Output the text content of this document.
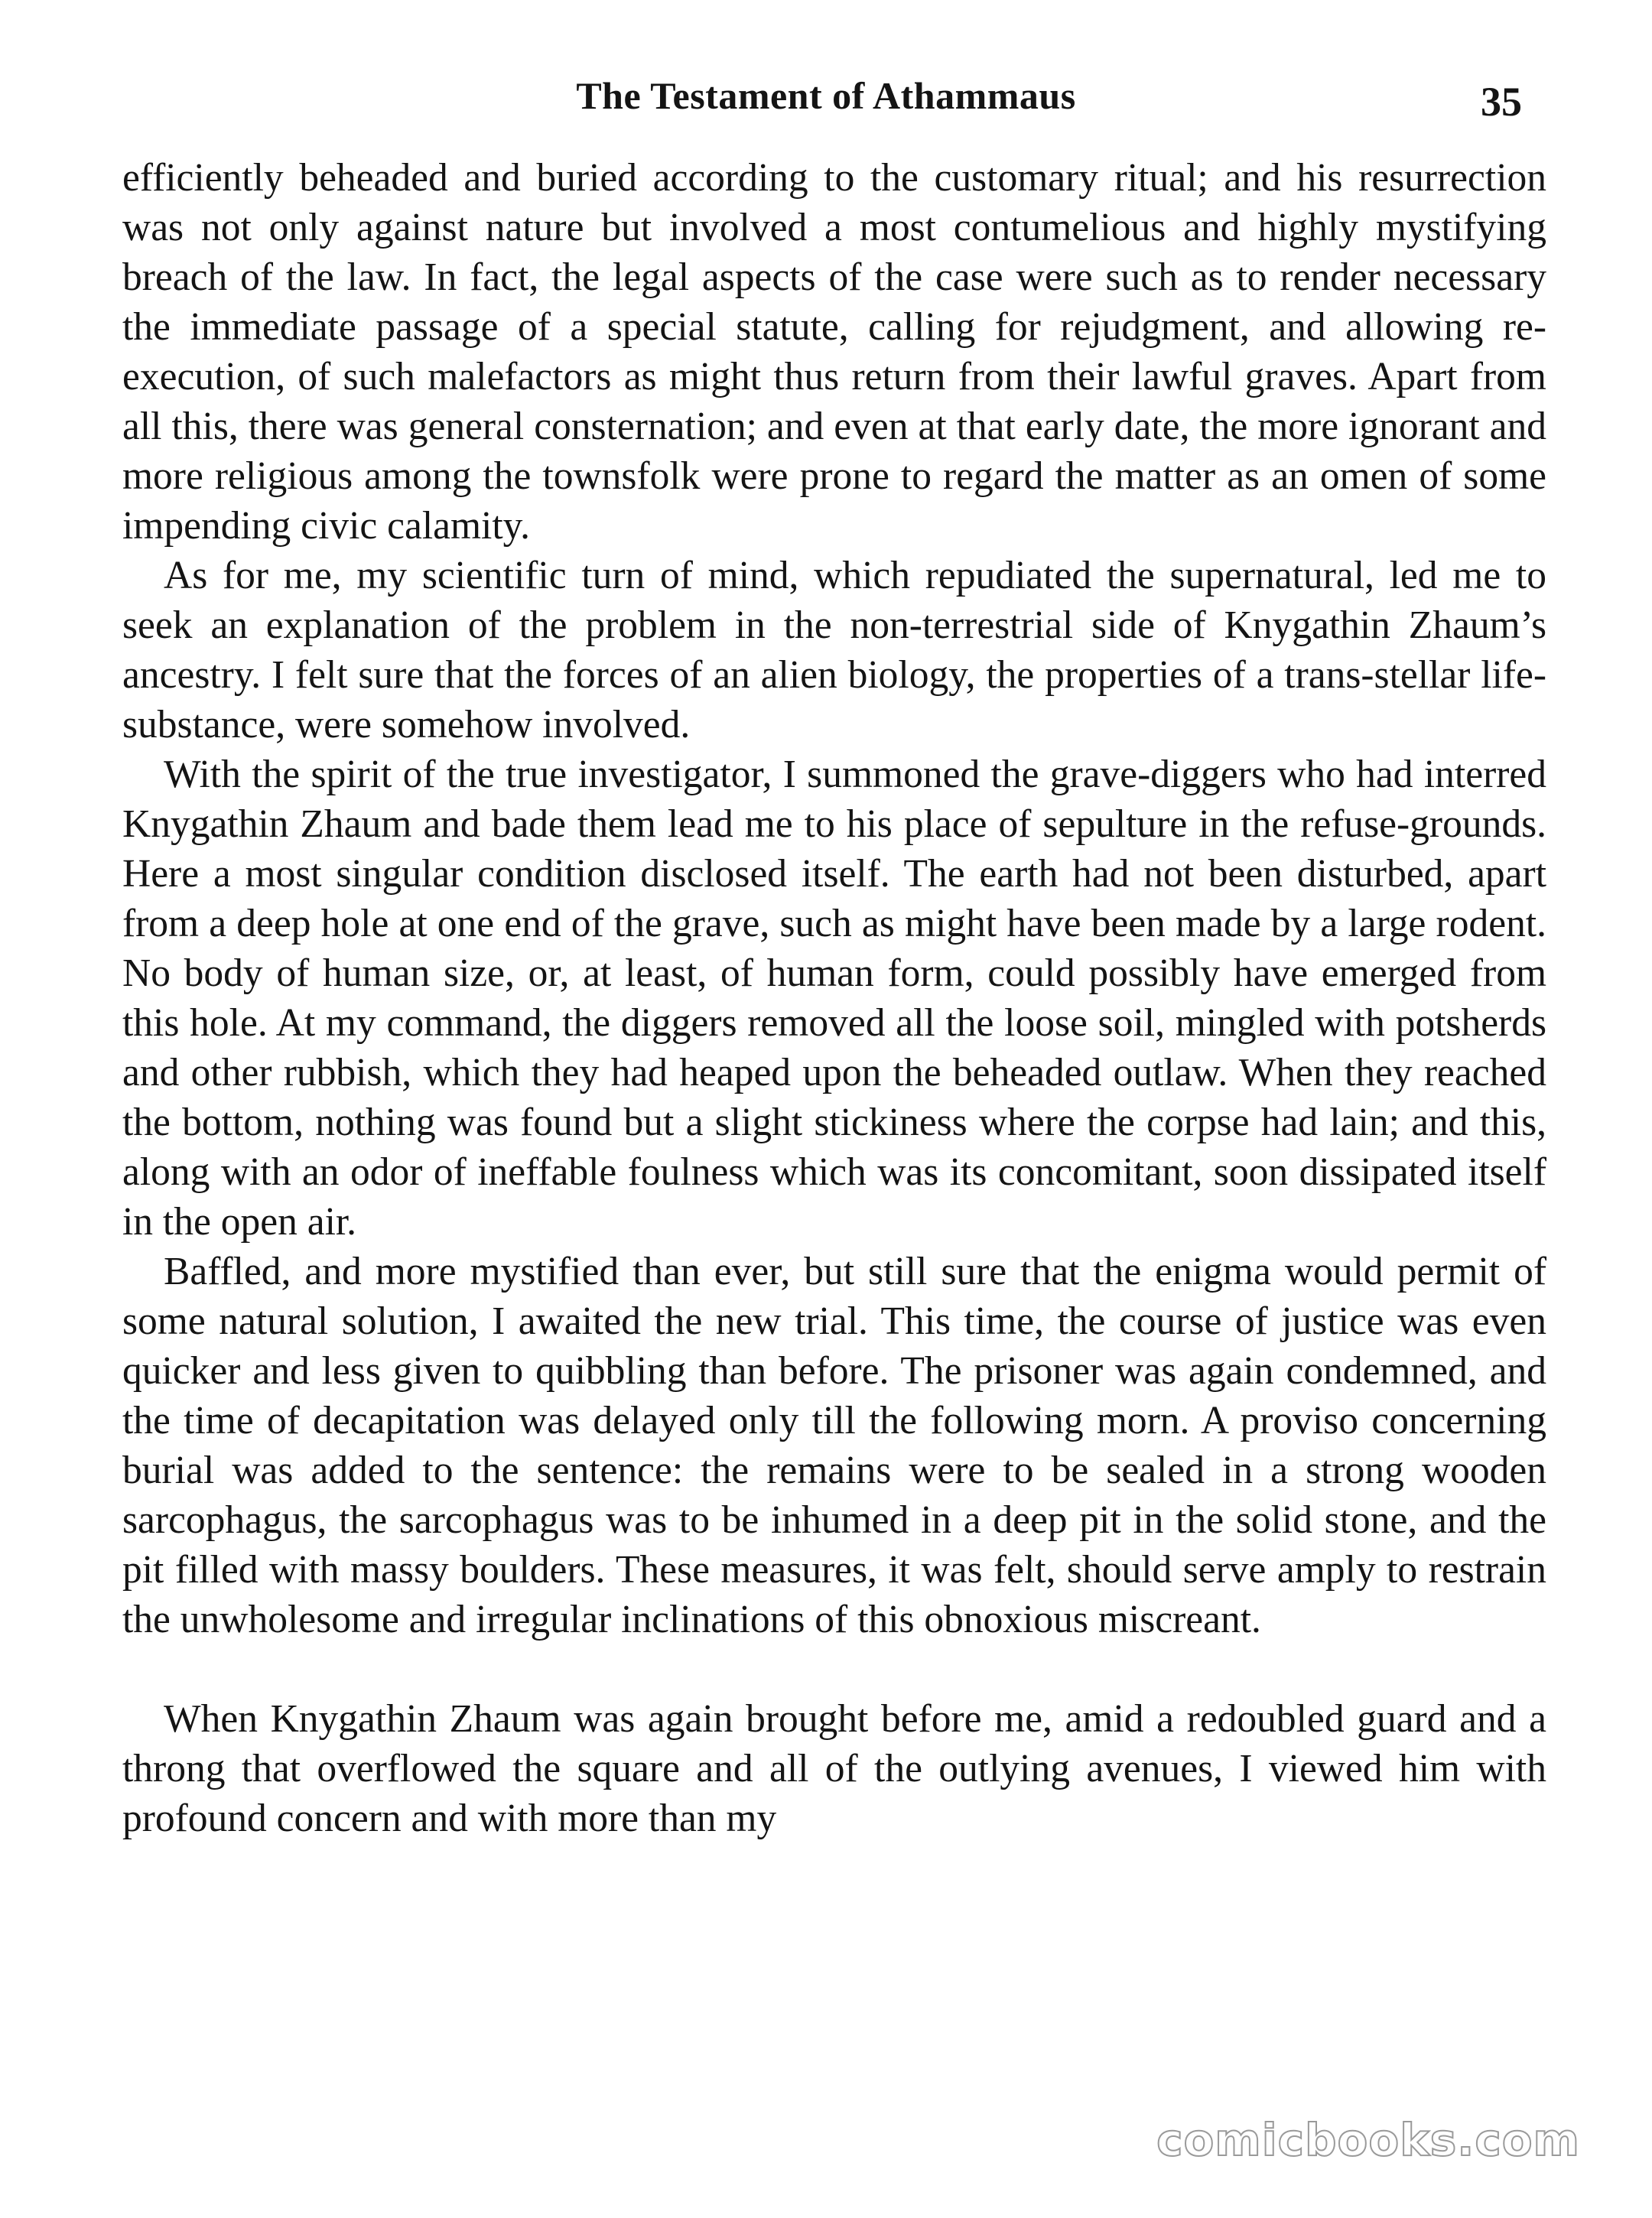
The Testament of Athammaus	35

efficiently beheaded and buried according to the customary ritual; and his resurrection was not only against nature but involved a most contumelious and highly mystifying breach of the law. In fact, the legal aspects of the case were such as to render necessary the immediate passage of a special statute, calling for rejudgment, and allowing re-execution, of such malefactors as might thus return from their lawful graves. Apart from all this, there was general consternation; and even at that early date, the more ignorant and more religious among the townsfolk were prone to regard the matter as an omen of some impending civic calamity.

As for me, my scientific turn of mind, which repudiated the supernatural, led me to seek an explanation of the problem in the non-terrestrial side of Knygathin Zhaum’s ancestry. I felt sure that the forces of an alien biology, the properties of a trans-stellar life-substance, were somehow involved.

With the spirit of the true investigator, I summoned the grave-diggers who had interred Knygathin Zhaum and bade them lead me to his place of sepulture in the refuse-grounds. Here a most singular condition disclosed itself. The earth had not been disturbed, apart from a deep hole at one end of the grave, such as might have been made by a large rodent. No body of human size, or, at least, of human form, could possibly have emerged from this hole. At my command, the diggers removed all the loose soil, mingled with potsherds and other rubbish, which they had heaped upon the beheaded outlaw. When they reached the bottom, nothing was found but a slight stickiness where the corpse had lain; and this, along with an odor of ineffable foulness which was its concomitant, soon dissipated itself in the open air.

Baffled, and more mystified than ever, but still sure that the enigma would permit of some natural solution, I awaited the new trial. This time, the course of justice was even quicker and less given to quibbling than before. The prisoner was again condemned, and the time of decapitation was delayed only till the following morn. A proviso concerning burial was added to the sentence: the remains were to be sealed in a strong wooden sarcophagus, the sarcophagus was to be inhumed in a deep pit in the solid stone, and the pit filled with massy boulders. These measures, it was felt, should serve amply to restrain the unwholesome and irregular inclinations of this obnoxious miscreant.

When Knygathin Zhaum was again brought before me, amid a redoubled guard and a throng that overflowed the square and all of the outlying avenues, I viewed him with profound concern and with more than my

comicbooks.com
